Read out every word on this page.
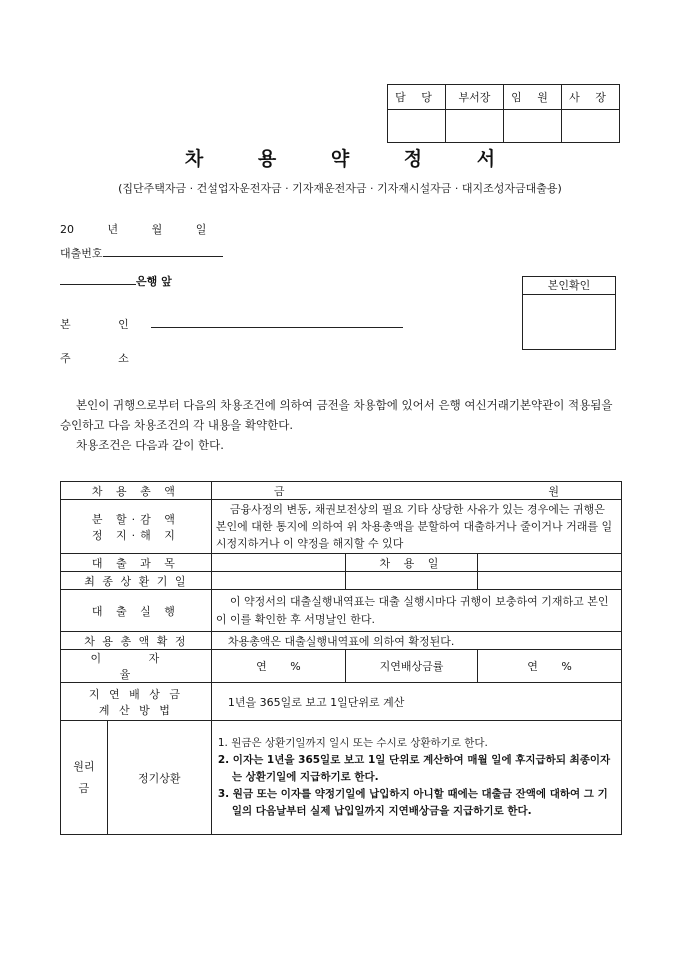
담 당	부서장	임 원	사 장

차 용 약 정 서
(집단주택자금 · 건설업자운전자금 · 기자재운전자금 · 기자재시설자금 · 대지조성자금대출용)
20	년	월	일
대출번호
은행 앞	본인확인
본 인
주 소
본인이 귀행으로부터 다음의 차용조건에 의하여 금전을 차용함에 있어서 은행 여신거래기본약관이 적용됨을 승인하고 다음 차용조건의 각 내용을 확약한다.
차용조건은 다음과 같이 한다.
차 용 총 액		금 원		

분 할·감 액
정 지·해 지		금융사정의 변동, 채권보전상의 필요 기타 상당한 사유가 있는 경우에는 귀행은 본인에 대한 통지에 의하여 위 차용총액을 분할하여 대출하거나 줄이거나 거래를 일시정지하거나 이 약정을 해지할 수 있다		
대 출 과 목			차 용 일	
최 종 상 환 기 일				
대 출 실 행		이 약정서의 대출실행내역표는 대출 실행시마다 귀행이 보충하여 기재하고 본인이 이를 확인한 후 서명날인 한다.		
차 용 총 액 확 정		차용총액은 대출실행내역표에 의하여 확정된다.		
이 자 율		연 %	지연배상금률	연 %

지 연 배 상 금
계 산 방 법		1년을 365일로 보고 1일단위로 계산		
원리금	정기상환	1. 원금은 상환기일까지 일시 또는 수시로 상환하기로 한다.
2. 이자는 1년을 365일로 보고 1일 단위로 계산하여 매월 일에 후지급하되 최종이자는 상환기일에 지급하기로 한다.
3. 원금 또는 이자를 약정기일에 납입하지 아니할 때에는 대출금 잔액에 대하여 그 기일의 다음날부터 실제 납입일까지 지연배상금을 지급하기로 한다.		
